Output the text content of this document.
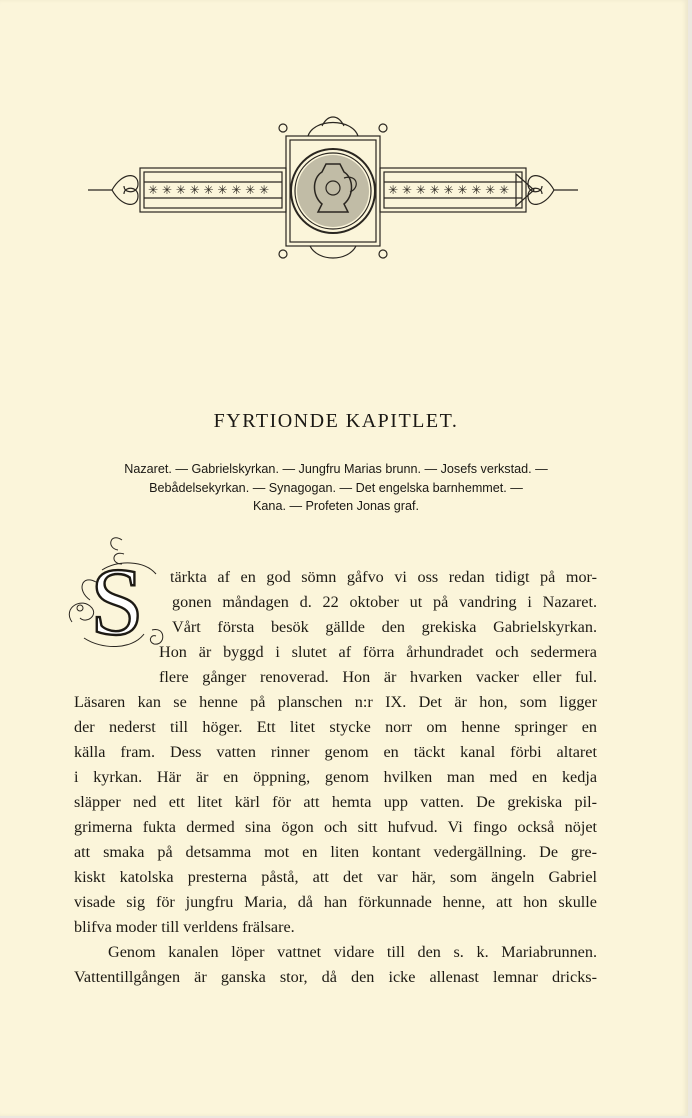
✳ ✳ ✳ ✳ ✳ ✳ ✳ ✳ ✳	✳ ✳ ✳ ✳ ✳ ✳ ✳ ✳ ✳
FYRTIONDE KAPITLET.

Nazaret. — Gabrielskyrkan. — Jungfru Marias brunn. — Josefs verkstad. —

Bebådelsekyrkan. — Synagogan. — Det engelska barnhemmet. —

Kana. — Profeten Jonas graf.

S tärkta af en god sömn gåfvo vi oss redan tidigt på mor-

gonen måndagen d. 22 oktober ut på vandring i Nazaret.

Vårt första besök gällde den grekiska Gabrielskyrkan.

Hon är byggd i slutet af förra århundradet och sedermera

flere gånger renoverad. Hon är hvarken vacker eller ful.

Läsaren kan se henne på planschen n:r IX. Det är hon, som ligger

der nederst till höger. Ett litet stycke norr om henne springer en

källa fram. Dess vatten rinner genom en täckt kanal förbi altaret

i kyrkan. Här är en öppning, genom hvilken man med en kedja

släpper ned ett litet kärl för att hemta upp vatten. De grekiska pil-

grimerna fukta dermed sina ögon och sitt hufvud. Vi fingo också nöjet

att smaka på detsamma mot en liten kontant vedergällning. De gre-

kiskt katolska presterna påstå, att det var här, som ängeln Gabriel

visade sig för jungfru Maria, då han förkunnade henne, att hon skulle

blifva moder till verldens frälsare.

Genom kanalen löper vattnet vidare till den s. k. Mariabrunnen.

Vattentillgången är ganska stor, då den icke allenast lemnar dricks-
